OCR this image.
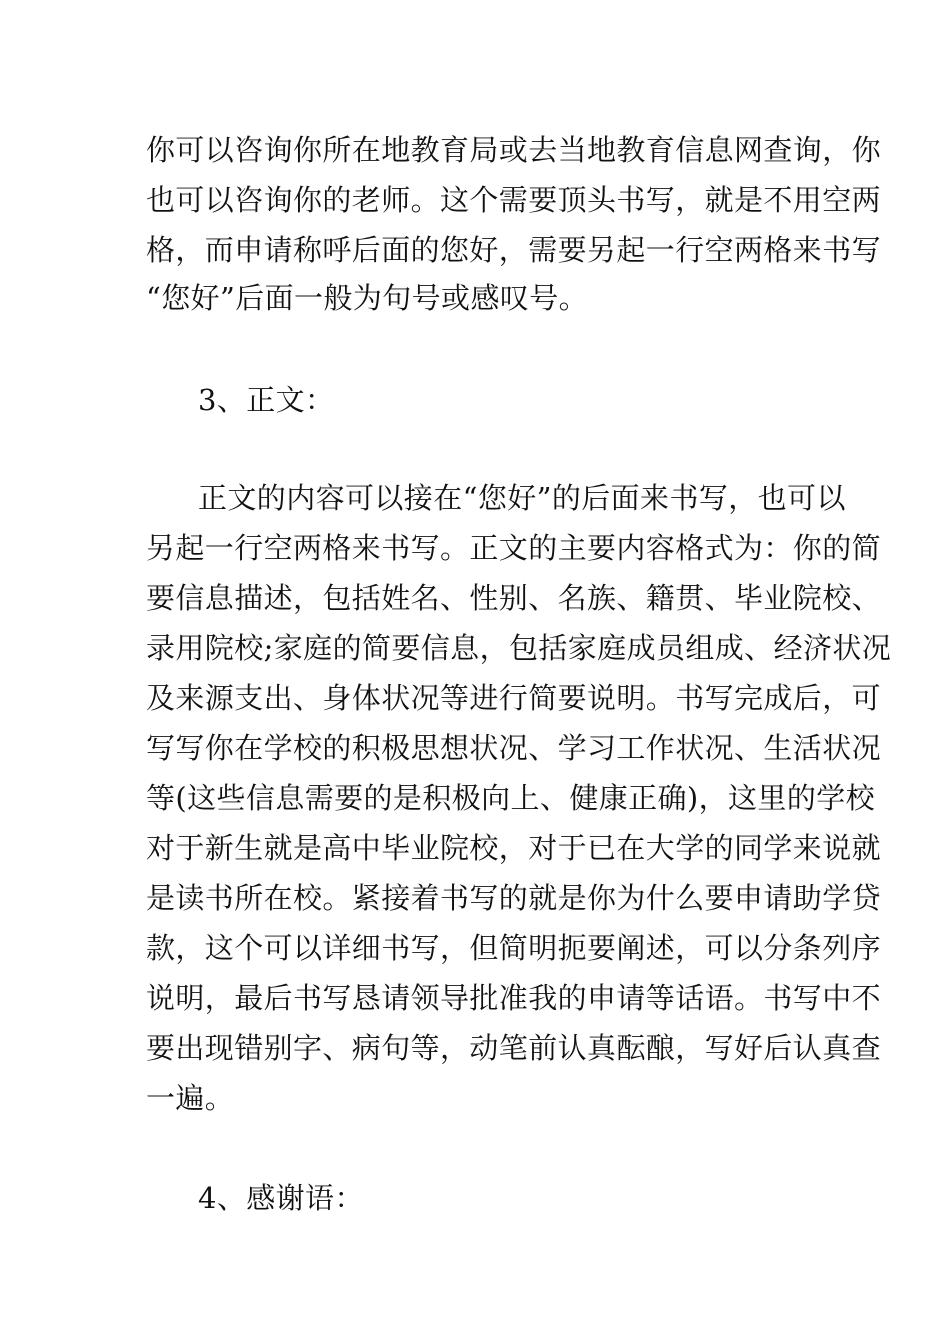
你可以咨询你所在地教育局或去当地教育信息网查询，你
也可以咨询你的老师。这个需要顶头书写，就是不用空两
格，而申请称呼后面的您好，需要另起一行空两格来书写
“您好”后面一般为句号或感叹号。
3、正文：
正文的内容可以接在“您好”的后面来书写，也可以
另起一行空两格来书写。正文的主要内容格式为：你的简
要信息描述，包括姓名、性别、名族、籍贯、毕业院校、
录用院校;家庭的简要信息，包括家庭成员组成、经济状况
及来源支出、身体状况等进行简要说明。书写完成后，可
写写你在学校的积极思想状况、学习工作状况、生活状况
等(这些信息需要的是积极向上、健康正确)，这里的学校
对于新生就是高中毕业院校，对于已在大学的同学来说就
是读书所在校。紧接着书写的就是你为什么要申请助学贷
款，这个可以详细书写，但简明扼要阐述，可以分条列序
说明，最后书写恳请领导批准我的申请等话语。书写中不
要出现错别字、病句等，动笔前认真酝酿，写好后认真查
一遍。
4、感谢语：
